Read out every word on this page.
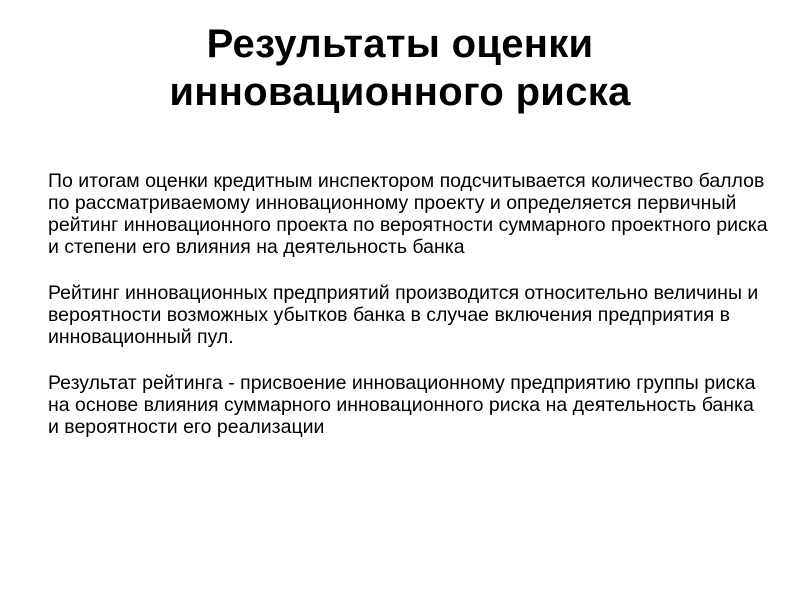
Результаты оценки
инновационного риска

По итогам оценки кредитным инспектором подсчитывается количество баллов по рассматриваемому инновационному проекту и определяется первичный рейтинг инновационного проекта по вероятности суммарного проектного риска и степени его влияния на деятельность банка

Рейтинг инновационных предприятий производится относительно величины и вероятности возможных убытков банка в случае включения предприятия в инновационный пул.

Результат рейтинга - присвоение инновационному предприятию группы риска на основе влияния суммарного инновационного риска на деятельность банка и вероятности его реализации
